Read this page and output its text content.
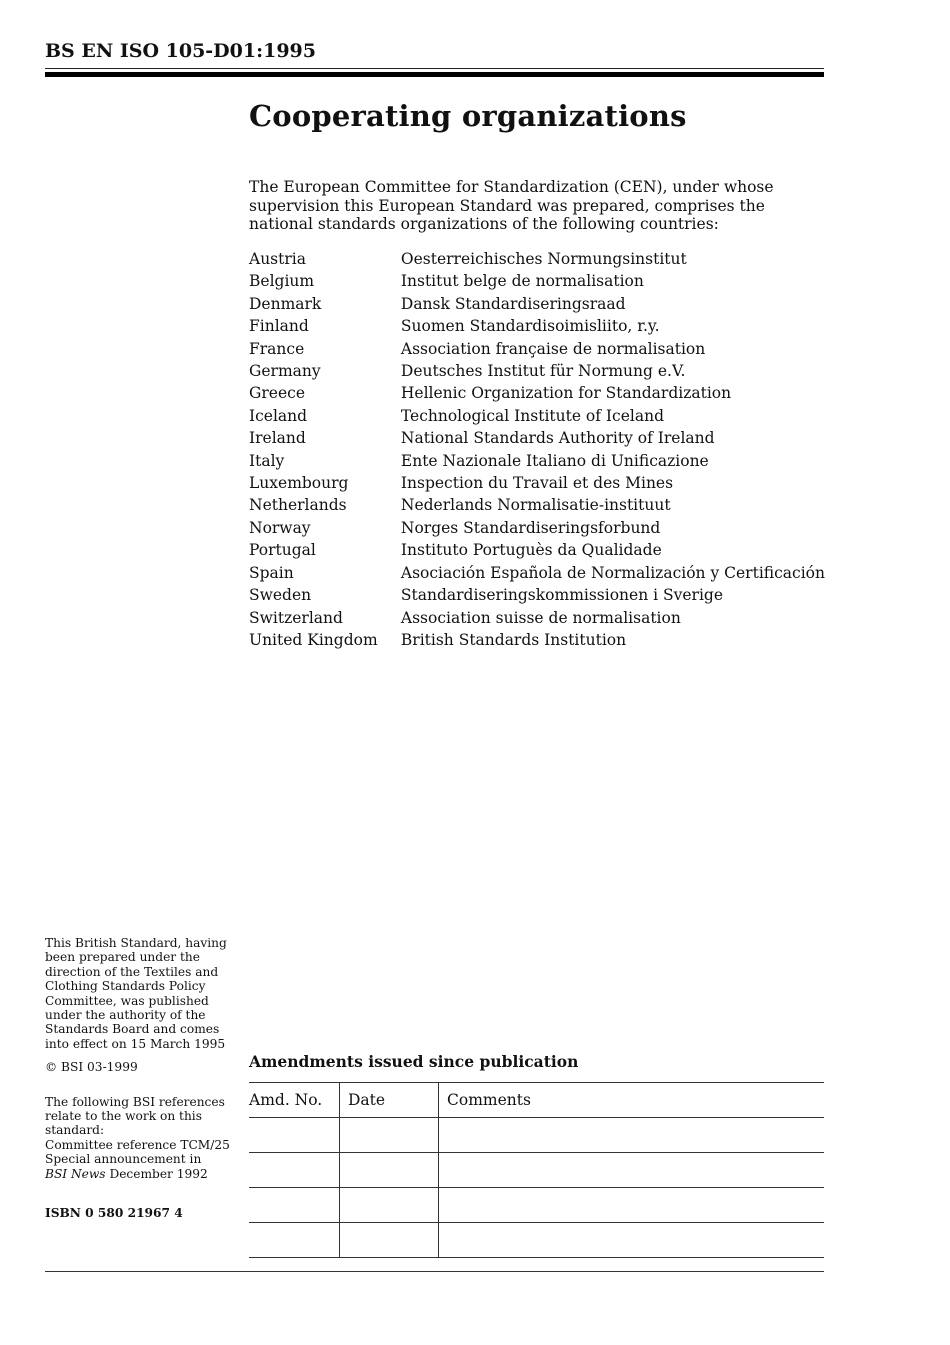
BS EN ISO 105-D01:1995
Cooperating organizations

The European Committee for Standardization (CEN), under whose supervision this European Standard was prepared, comprises the national standards organizations of the following countries:

Austria	Oesterreichisches Normungsinstitut
Belgium	Institut belge de normalisation
Denmark	Dansk Standardiseringsraad
Finland	Suomen Standardisoimisliito, r.y.
France	Association française de normalisation
Germany	Deutsches Institut für Normung e.V.
Greece	Hellenic Organization for Standardization
Iceland	Technological Institute of Iceland
Ireland	National Standards Authority of Ireland
Italy	Ente Nazionale Italiano di Unificazione
Luxembourg	Inspection du Travail et des Mines
Netherlands	Nederlands Normalisatie-instituut
Norway	Norges Standardiseringsforbund
Portugal	Instituto Portuguès da Qualidade
Spain	Asociación Española de Normalización y Certificación
Sweden	Standardiseringskommissionen i Sverige
Switzerland	Association suisse de normalisation
United Kingdom	British Standards Institution

This British Standard, having been prepared under the direction of the Textiles and Clothing Standards Policy Committee, was published under the authority of the Standards Board and comes into effect on 15 March 1995

© BSI 03-1999

The following BSI references relate to the work on this standard:

Committee reference TCM/25

Special announcement in
BSI News December 1992

ISBN 0 580 21967 4

Amendments issued since publication
Amd. No.	Date	Comments
